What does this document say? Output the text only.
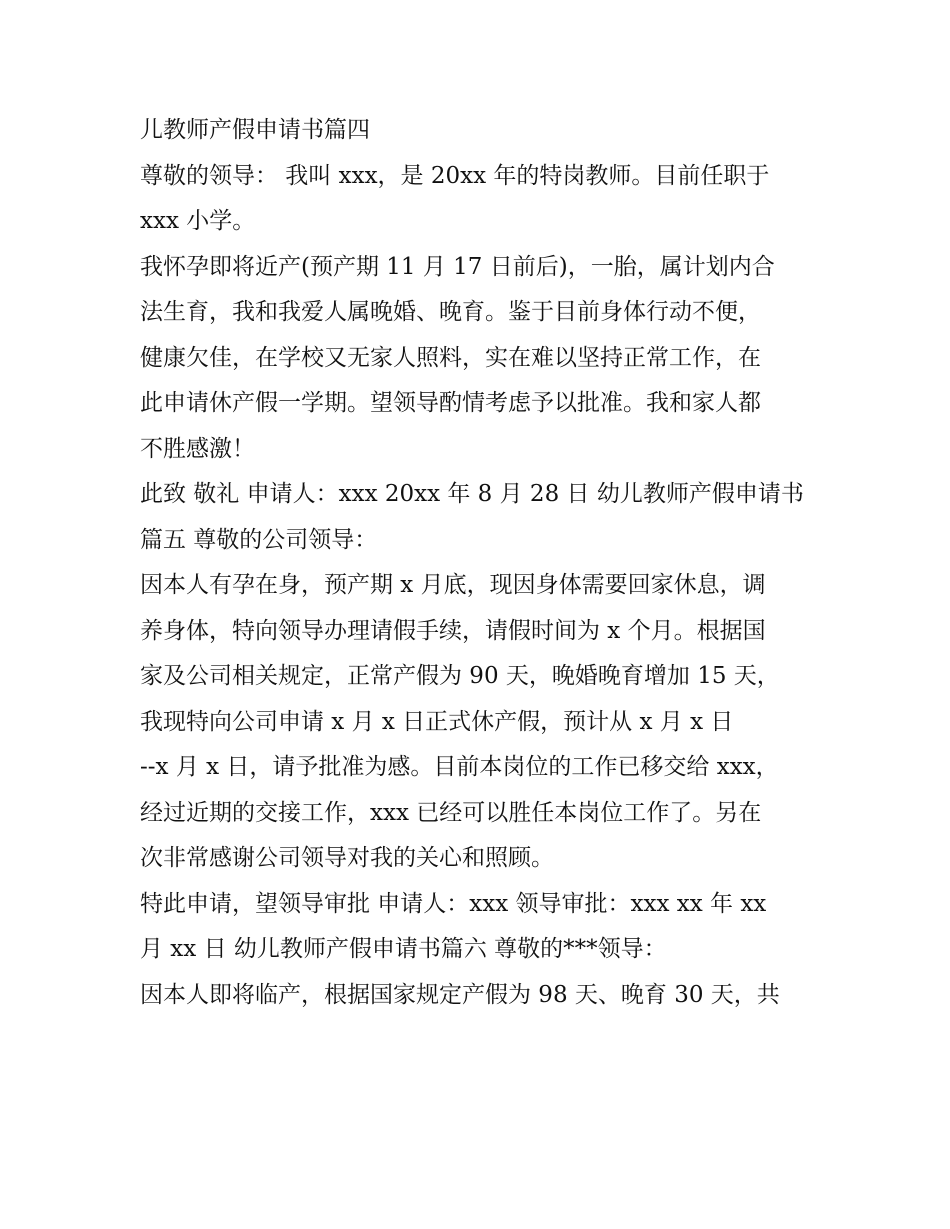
儿教师产假申请书篇四
尊敬的领导： 我叫 xxx，是 20xx 年的特岗教师。目前任职于
xxx 小学。
我怀孕即将近产(预产期 11 月 17 日前后)，一胎，属计划内合
法生育，我和我爱人属晚婚、晚育。鉴于目前身体行动不便，
健康欠佳，在学校又无家人照料，实在难以坚持正常工作，在
此申请休产假一学期。望领导酌情考虑予以批准。我和家人都
不胜感激！
此致 敬礼 申请人：xxx 20xx 年 8 月 28 日 幼儿教师产假申请书
篇五 尊敬的公司领导：
因本人有孕在身，预产期 x 月底，现因身体需要回家休息，调
养身体，特向领导办理请假手续，请假时间为 x 个月。根据国
家及公司相关规定，正常产假为 90 天，晚婚晚育增加 15 天，
我现特向公司申请 x 月 x 日正式休产假，预计从 x 月 x 日
--x 月 x 日，请予批准为感。目前本岗位的工作已移交给 xxx，
经过近期的交接工作，xxx 已经可以胜任本岗位工作了。另在
次非常感谢公司领导对我的关心和照顾。
特此申请，望领导审批 申请人：xxx 领导审批：xxx xx 年 xx
月 xx 日 幼儿教师产假申请书篇六 尊敬的***领导：
因本人即将临产，根据国家规定产假为 98 天、晚育 30 天，共
